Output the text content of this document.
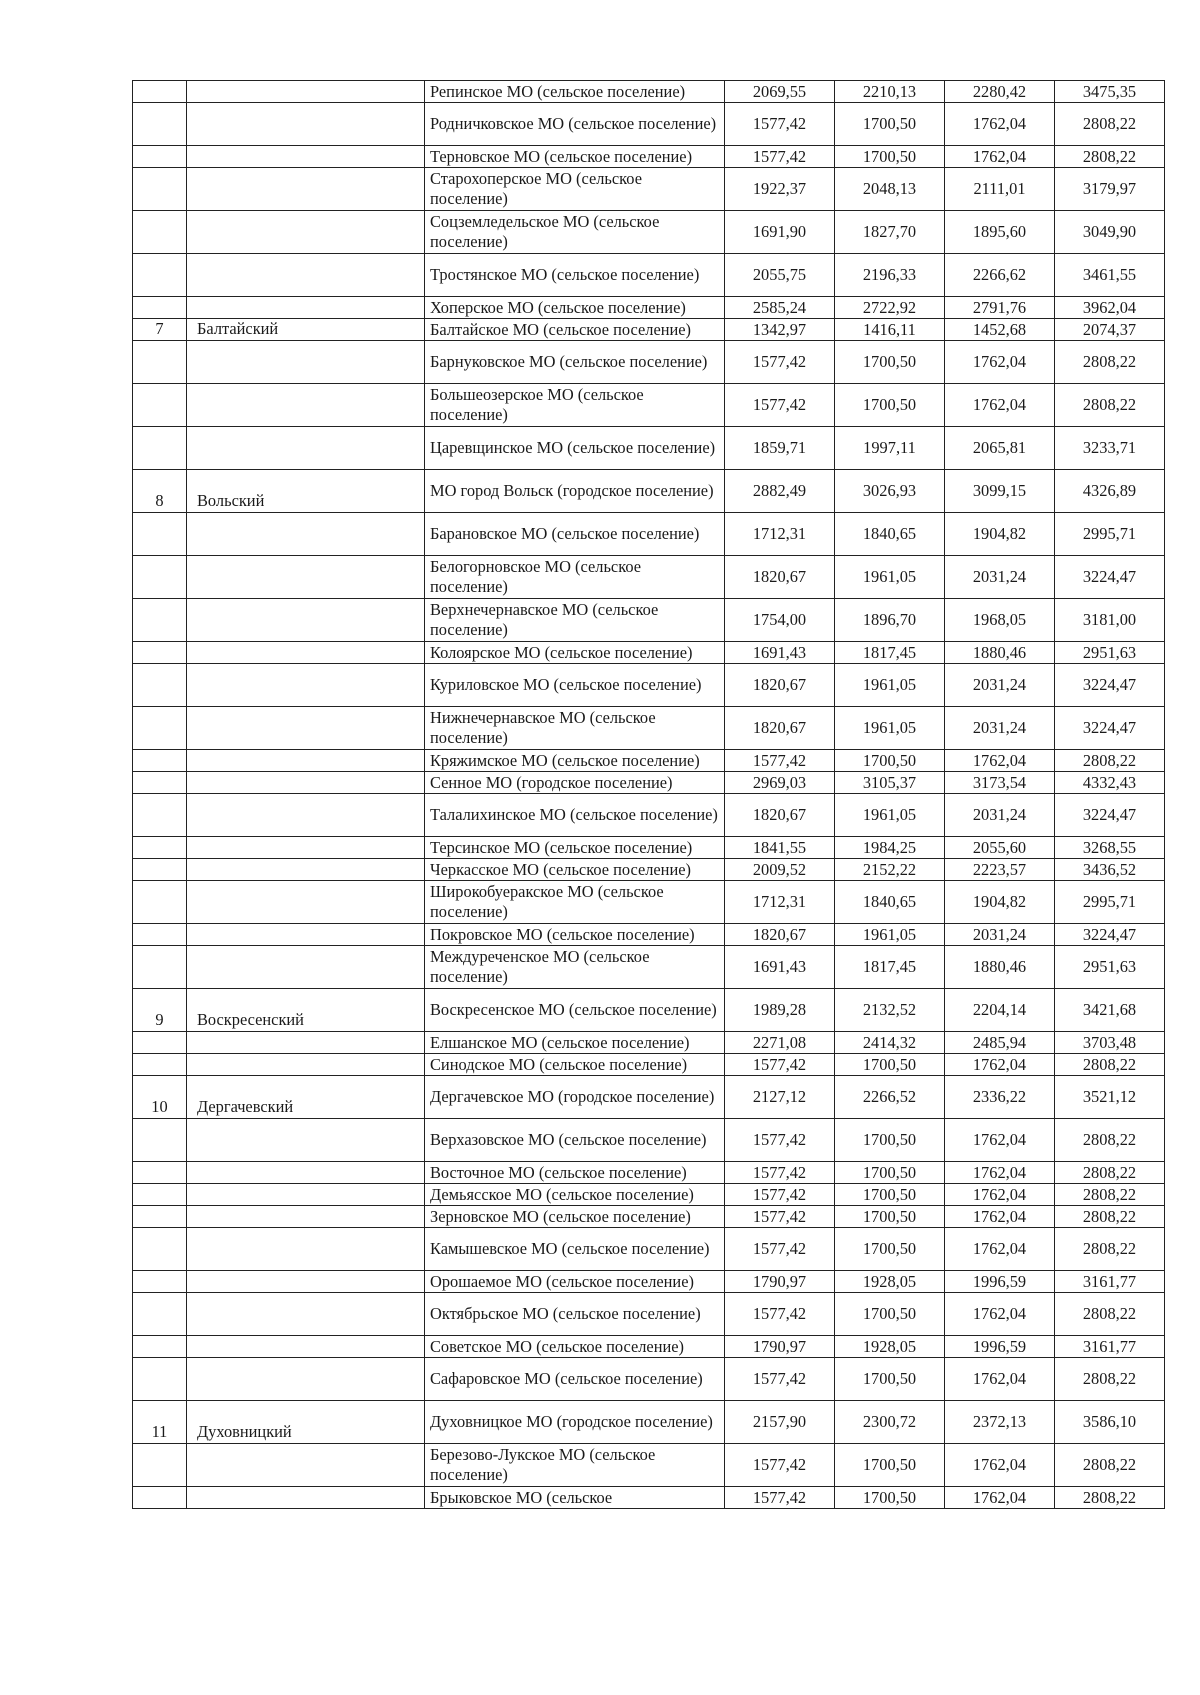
		Репинское МО (сельское поселение)	2069,55	2210,13	2280,42	3475,35
		Родничковское МО (сельское поселение)	1577,42	1700,50	1762,04	2808,22
		Терновское МО (сельское поселение)	1577,42	1700,50	1762,04	2808,22
		Старохоперское МО (сельское поселение)	1922,37	2048,13	2111,01	3179,97
		Соцземледельское МО (сельское поселение)	1691,90	1827,70	1895,60	3049,90
		Тростянское МО (сельское поселение)	2055,75	2196,33	2266,62	3461,55
		Хоперское МО (сельское поселение)	2585,24	2722,92	2791,76	3962,04
7	Балтайский	Балтайское МО (сельское поселение)	1342,97	1416,11	1452,68	2074,37
		Барнуковское МО (сельское поселение)	1577,42	1700,50	1762,04	2808,22
		Большеозерское МО (сельское поселение)	1577,42	1700,50	1762,04	2808,22
		Царевщинское МО (сельское поселение)	1859,71	1997,11	2065,81	3233,71
8	Вольский	МО город Вольск (городское поселение)	2882,49	3026,93	3099,15	4326,89
		Барановское МО (сельское поселение)	1712,31	1840,65	1904,82	2995,71
		Белогорновское МО (сельское поселение)	1820,67	1961,05	2031,24	3224,47
		Верхнечернавское МО (сельское поселение)	1754,00	1896,70	1968,05	3181,00
		Колоярское МО (сельское поселение)	1691,43	1817,45	1880,46	2951,63
		Куриловское МО (сельское поселение)	1820,67	1961,05	2031,24	3224,47
		Нижнечернавское МО (сельское поселение)	1820,67	1961,05	2031,24	3224,47
		Кряжимское МО (сельское поселение)	1577,42	1700,50	1762,04	2808,22
		Сенное МО (городское поселение)	2969,03	3105,37	3173,54	4332,43
		Талалихинское МО (сельское поселение)	1820,67	1961,05	2031,24	3224,47
		Терсинское МО (сельское поселение)	1841,55	1984,25	2055,60	3268,55
		Черкасское МО (сельское поселение)	2009,52	2152,22	2223,57	3436,52
		Широкобуеракское МО (сельское поселение)	1712,31	1840,65	1904,82	2995,71
		Покровское МО (сельское поселение)	1820,67	1961,05	2031,24	3224,47
		Междуреченское МО (сельское поселение)	1691,43	1817,45	1880,46	2951,63
9	Воскресенский	Воскресенское МО (сельское поселение)	1989,28	2132,52	2204,14	3421,68
		Елшанское МО (сельское поселение)	2271,08	2414,32	2485,94	3703,48
		Синодское МО (сельское поселение)	1577,42	1700,50	1762,04	2808,22
10	Дергачевский	Дергачевское МО (городское поселение)	2127,12	2266,52	2336,22	3521,12
		Верхазовское МО (сельское поселение)	1577,42	1700,50	1762,04	2808,22
		Восточное МО (сельское поселение)	1577,42	1700,50	1762,04	2808,22
		Демьясское МО (сельское поселение)	1577,42	1700,50	1762,04	2808,22
		Зерновское МО (сельское поселение)	1577,42	1700,50	1762,04	2808,22
		Камышевское МО (сельское поселение)	1577,42	1700,50	1762,04	2808,22
		Орошаемое МО (сельское поселение)	1790,97	1928,05	1996,59	3161,77
		Октябрьское МО (сельское поселение)	1577,42	1700,50	1762,04	2808,22
		Советское МО (сельское поселение)	1790,97	1928,05	1996,59	3161,77
		Сафаровское МО (сельское поселение)	1577,42	1700,50	1762,04	2808,22
11	Духовницкий	Духовницкое МО (городское поселение)	2157,90	2300,72	2372,13	3586,10
		Березово-Лукское МО (сельское поселение)	1577,42	1700,50	1762,04	2808,22
		Брыковское МО (сельское	1577,42	1700,50	1762,04	2808,22
